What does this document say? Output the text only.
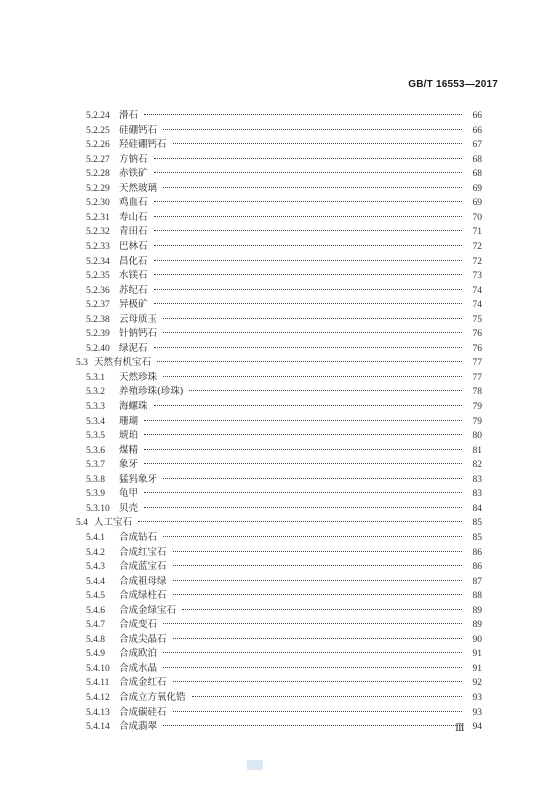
GB/T 16553—2017
5.2.24 滑石	66
5.2.25 硅硼钙石	66
5.2.26 羟硅硼钙石	67
5.2.27 方钠石	68
5.2.28 赤铁矿	68
5.2.29 天然玻璃	69
5.2.30 鸡血石	69
5.2.31 寿山石	70
5.2.32 青田石	71
5.2.33 巴林石	72
5.2.34 昌化石	72
5.2.35 水镁石	73
5.2.36 苏纪石	74
5.2.37 异极矿	74
5.2.38 云母质玉	75
5.2.39 针钠钙石	76
5.2.40 绿泥石	76
5.3 天然有机宝石	77
5.3.1	天然珍珠	77
5.3.2	养殖珍珠(珍珠)	78
5.3.3	海螺珠	79
5.3.4	珊瑚	79
5.3.5	琥珀	80
5.3.6	煤精	81
5.3.7	象牙	82
5.3.8	猛犸象牙	83
5.3.9	龟甲	83
5.3.10 贝壳	84
5.4 人工宝石	85
5.4.1	合成钻石	85
5.4.2	合成红宝石	86
5.4.3	合成蓝宝石	86
5.4.4	合成祖母绿	87
5.4.5	合成绿柱石	88
5.4.6	合成金绿宝石	89
5.4.7	合成变石	89
5.4.8	合成尖晶石	90
5.4.9	合成欧泊	91
5.4.10 合成水晶	91
5.4.11	合成金红石	92
5.4.12 合成立方氧化锆	93
5.4.13 合成碳硅石	93
5.4.14 合成翡翠	94
Ⅲ
